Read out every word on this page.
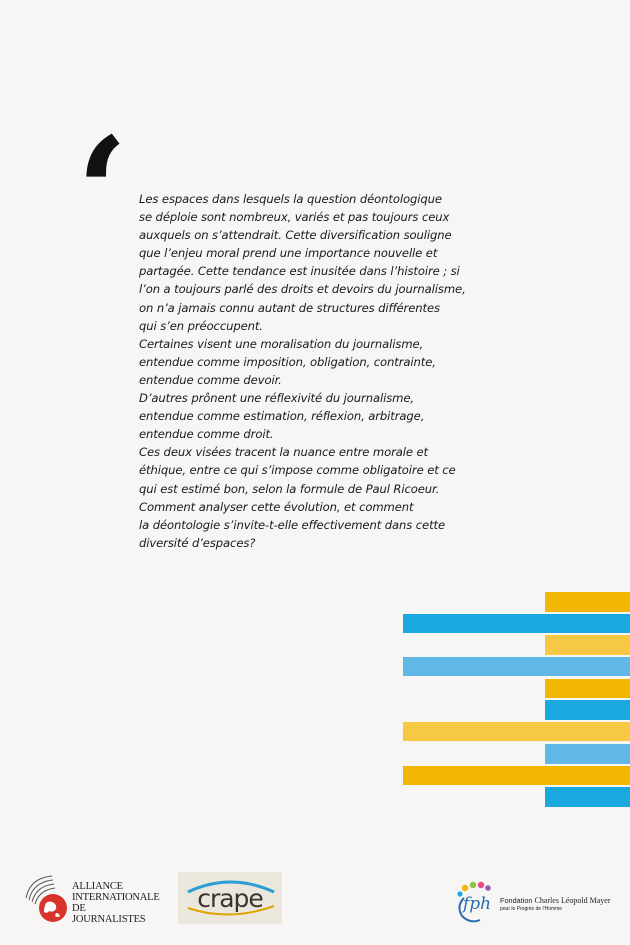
‘ Les espaces dans lesquels la question déontologique
se déploie sont nombreux, variés et pas toujours ceux
auxquels on s’attendrait. Cette diversification souligne
que l’enjeu moral prend une importance nouvelle et
partagée. Cette tendance est inusitée dans l’histoire ; si
l’on a toujours parlé des droits et devoirs du journalisme,
on n’a jamais connu autant de structures différentes
qui s’en préoccupent.
Certaines visent une moralisation du journalisme,
entendue comme imposition, obligation, contrainte,
entendue comme devoir.
D’autres prônent une réflexivité du journalisme,
entendue comme estimation, réflexion, arbitrage,
entendue comme droit.
Ces deux visées tracent la nuance entre morale et
éthique, entre ce qui s’impose comme obligatoire et ce
qui est estimé bon, selon la formule de Paul Ricoeur.
Comment analyser cette évolution, et comment
la déontologie s’invite-t-elle effectivement dans cette
diversité d’espaces?
ALLIANCE
INTERNATIONALE
DE
JOURNALISTES
crape	fph Fondation Charles Léopold Mayer
pour le Progrès de l'Homme
